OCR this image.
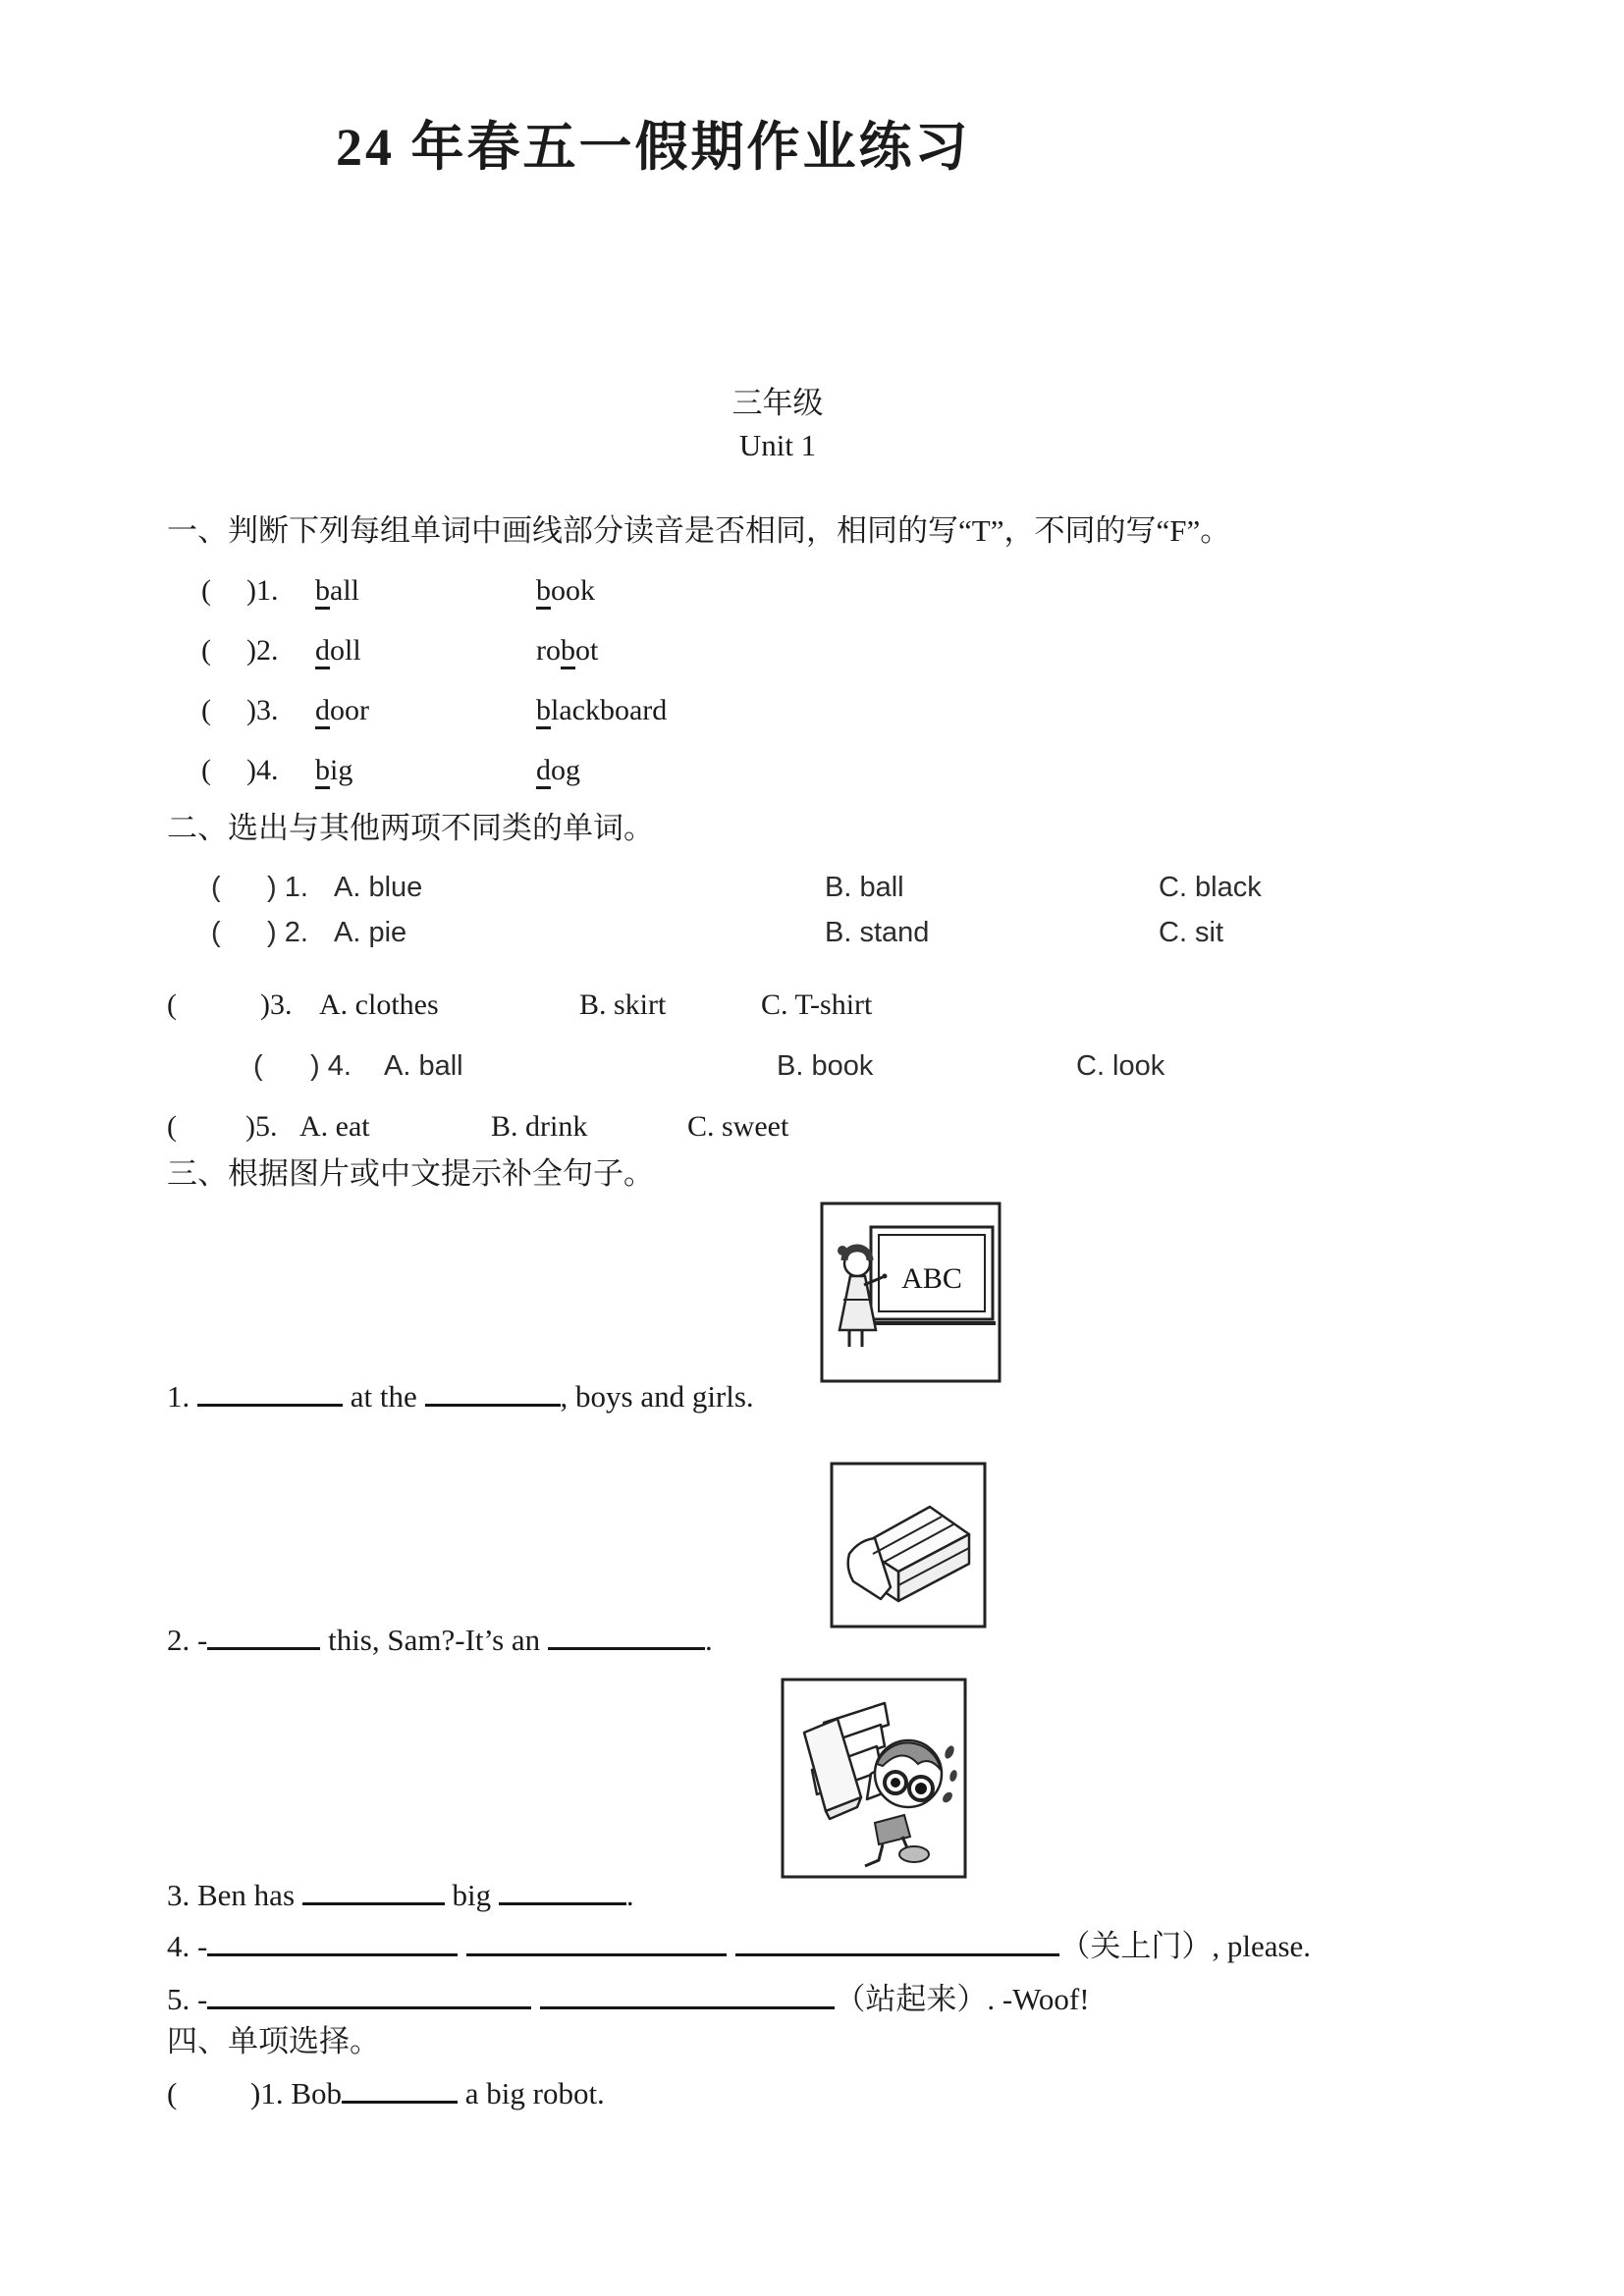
24 年春五一假期作业练习
三年级
Unit 1
一、判断下列每组单词中画线部分读音是否相同，相同的写“T”，不同的写“F”。
( )1. ball	book
( )2. doll	robot
( )3. door	blackboard
( )4. big	dog
二、选出与其他两项不同类的单词。
( ) 1. A. blue	B. ball	C. black
( ) 2. A. pie	B. stand	C. sit
(	)3. A. clothes	B. skirt	C. T-shirt
( ) 4. A. ball	B. book	C. look
( )5. A. eat	B. drink	C. sweet
三、根据图片或中文提示补全句子。
ABC
1.	at the	, boys and girls.
2. -	this, Sam?-It’s an	.
3. Ben has	big	.
4. -	（关上门）, please.
5. -	（站起来）. -Woof!
四、单项选择。
( )1. Bob	a big robot.
